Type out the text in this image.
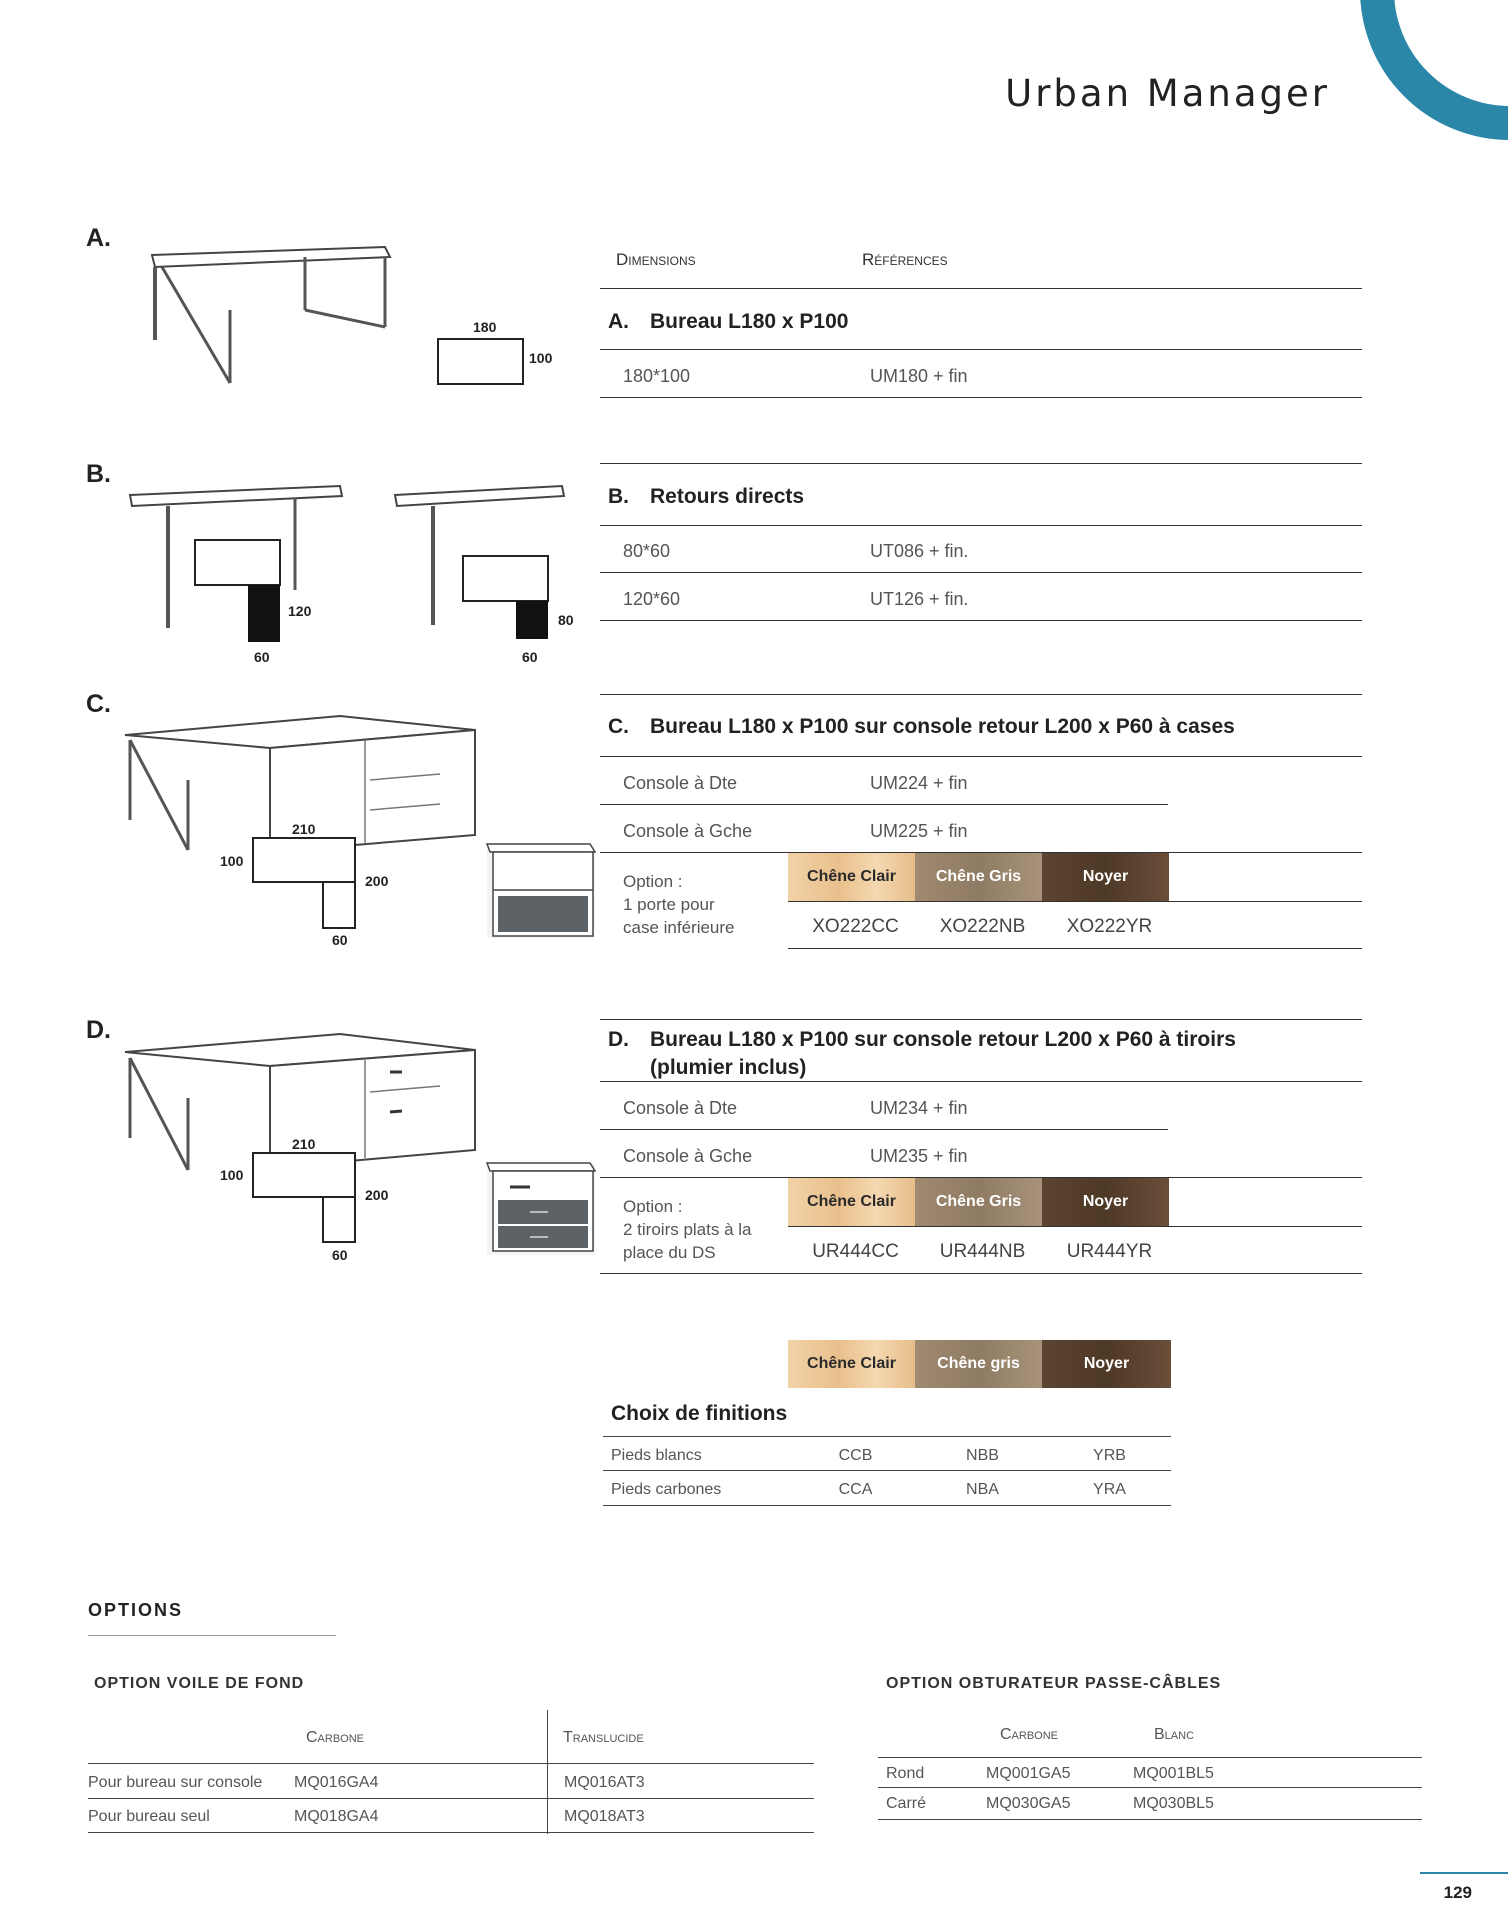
Urban Manager
A.
B.
C.
D.
180
100
120
60
80
60
210
100
200
60
210
100
200
60
Dimensions	Références
A. Bureau L180 x P100
180*100	UM180 + fin
B. Retours directs
80*60	UT086 + fin.
120*60	UT126 + fin.
C. Bureau L180 x P100 sur console retour L200 x P60 à cases
Console à Dte	UM224 + fin
Console à Gche	UM225 + fin
Option :
1 porte pour
case inférieure
Chêne Clair	Chêne Gris	Noyer
XO222CC	XO222NB	XO222YR
D. Bureau L180 x P100 sur console retour L200 x P60 à tiroirs
(plumier inclus)
Console à Dte	UM234 + fin
Console à Gche	UM235 + fin
Option :
2 tiroirs plats à la
place du DS
Chêne Clair	Chêne Gris	Noyer
UR444CC	UR444NB	UR444YR
Chêne Clair	Chêne gris	Noyer
Choix de finitions
Pieds blancs	CCB	NBB	YRB
Pieds carbones	CCA	NBA	YRA
OPTIONS
OPTION VOILE DE FOND
Carbone	Translucide
Pour bureau sur console MQ016GA4	MQ016AT3
Pour bureau seul	MQ018GA4	MQ018AT3
OPTION OBTURATEUR PASSE-CÂBLES
Carbone	Blanc
Rond	MQ001GA5	MQ001BL5
Carré	MQ030GA5	MQ030BL5
129
